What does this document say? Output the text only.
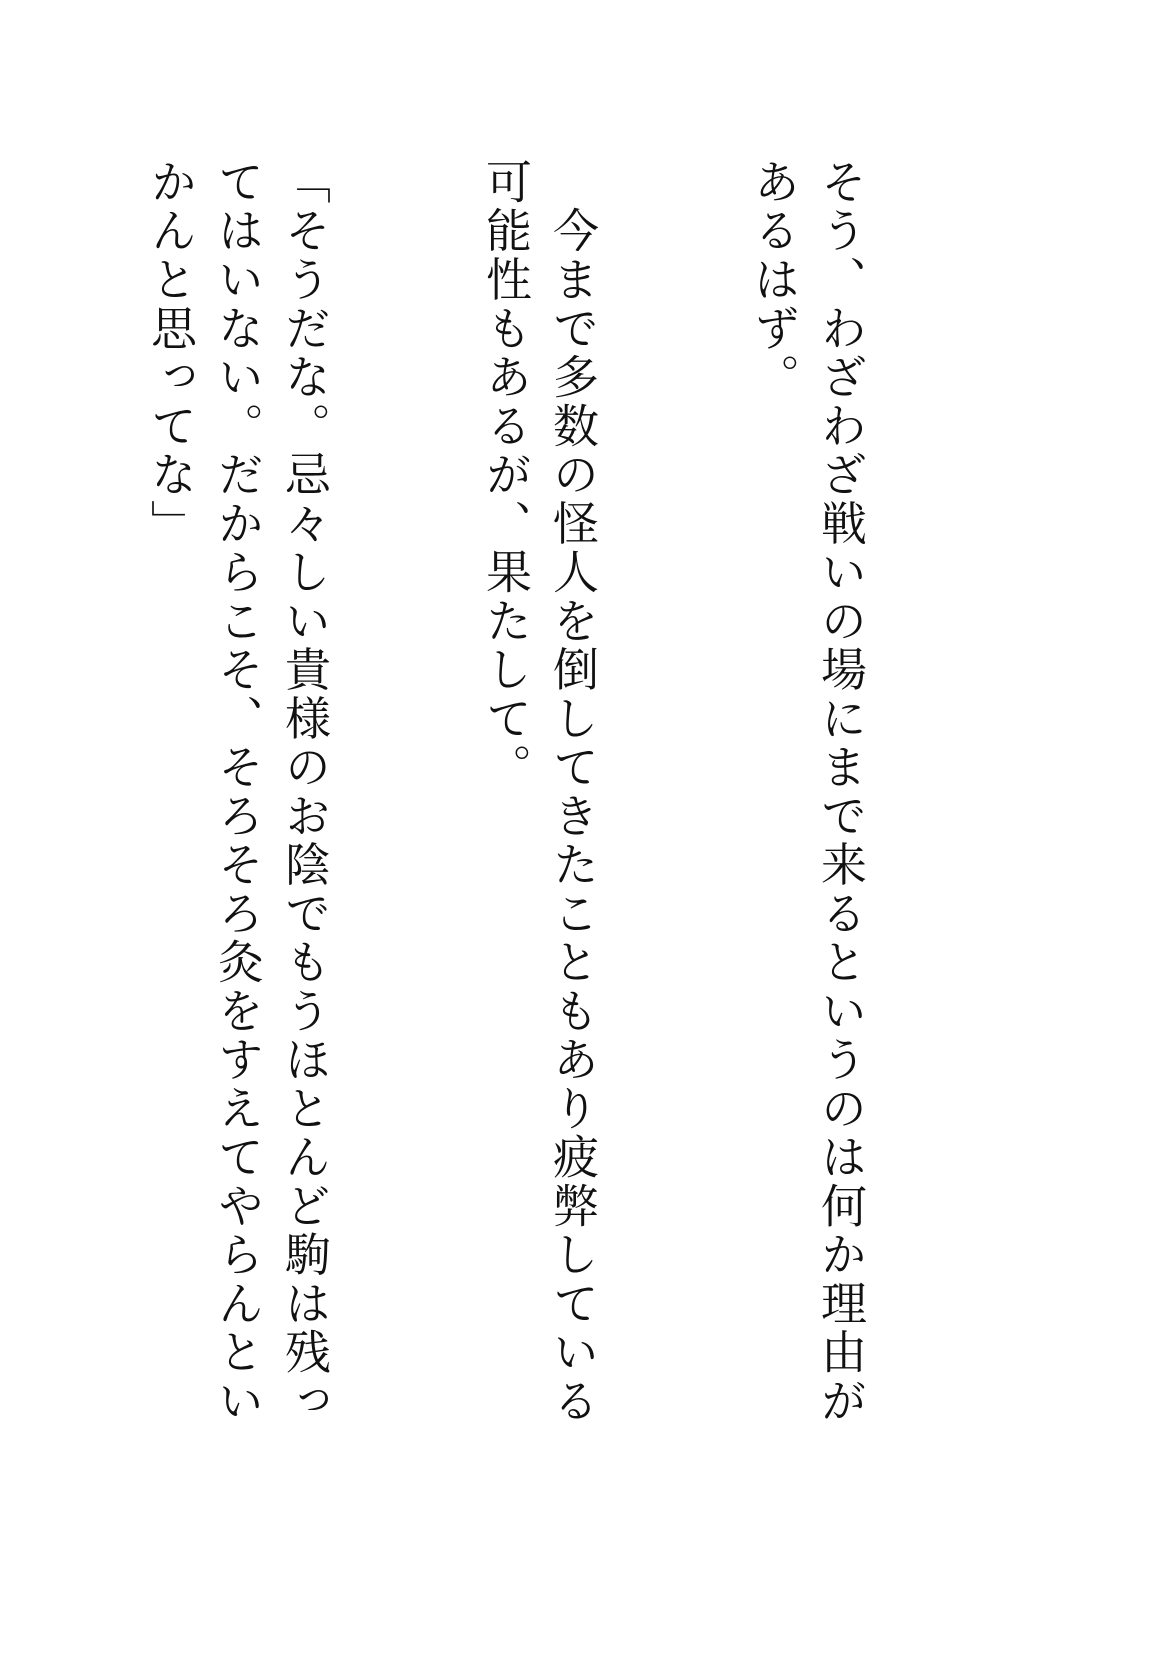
そう、わざわざ戦いの場にまで来るというのは何か理由があるはず。

今まで多数の怪人を倒してきたこともあり疲弊している可能性もあるが、果たして。

「そうだな。忌々しい貴様のお陰でもうほとんど駒は残ってはいない。だからこそ、そろそろ灸をすえてやらんといかんと思ってな」
